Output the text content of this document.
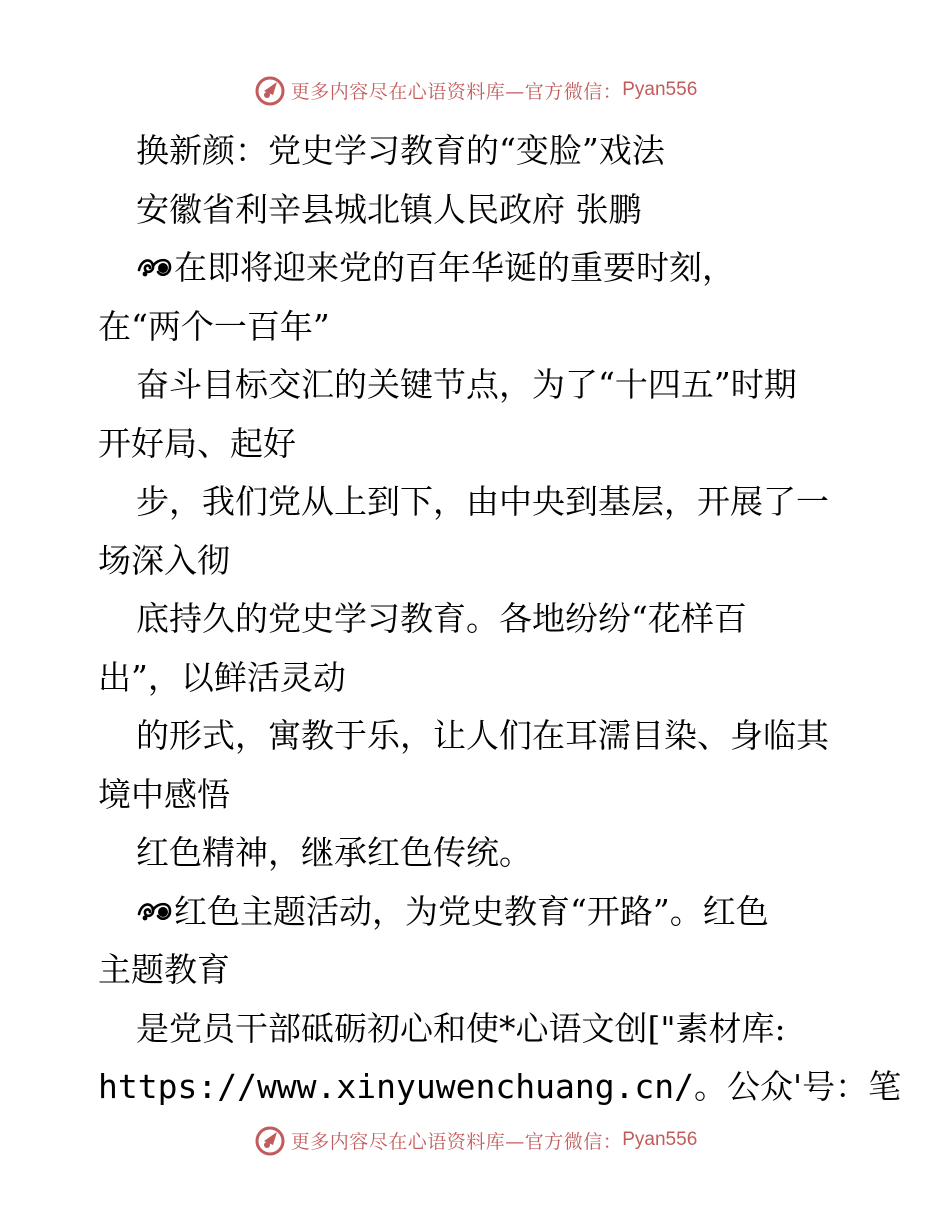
更多内容尽在心语资料库—官方微信： Pyan556
换新颜：党史学习教育的“变脸”戏法
安徽省利辛县城北镇人民政府 张鹏
在即将迎来党的百年华诞的重要时刻，
在“两个一百年”
奋斗目标交汇的关键节点，为了“十四五”时期
开好局、起好
步，我们党从上到下，由中央到基层，开展了一
场深入彻
底持久的党史学习教育。各地纷纷“花样百
出”，以鲜活灵动
的形式，寓教于乐，让人们在耳濡目染、身临其
境中感悟
红色精神，继承红色传统。
红色主题活动，为党史教育“开路”。红色
主题教育
是党员干部砥砺初心和使*心语文创["素材库:
https://www.xinyuwenchuang.cn/。公众'号：笔
更多内容尽在心语资料库—官方微信： Pyan556
